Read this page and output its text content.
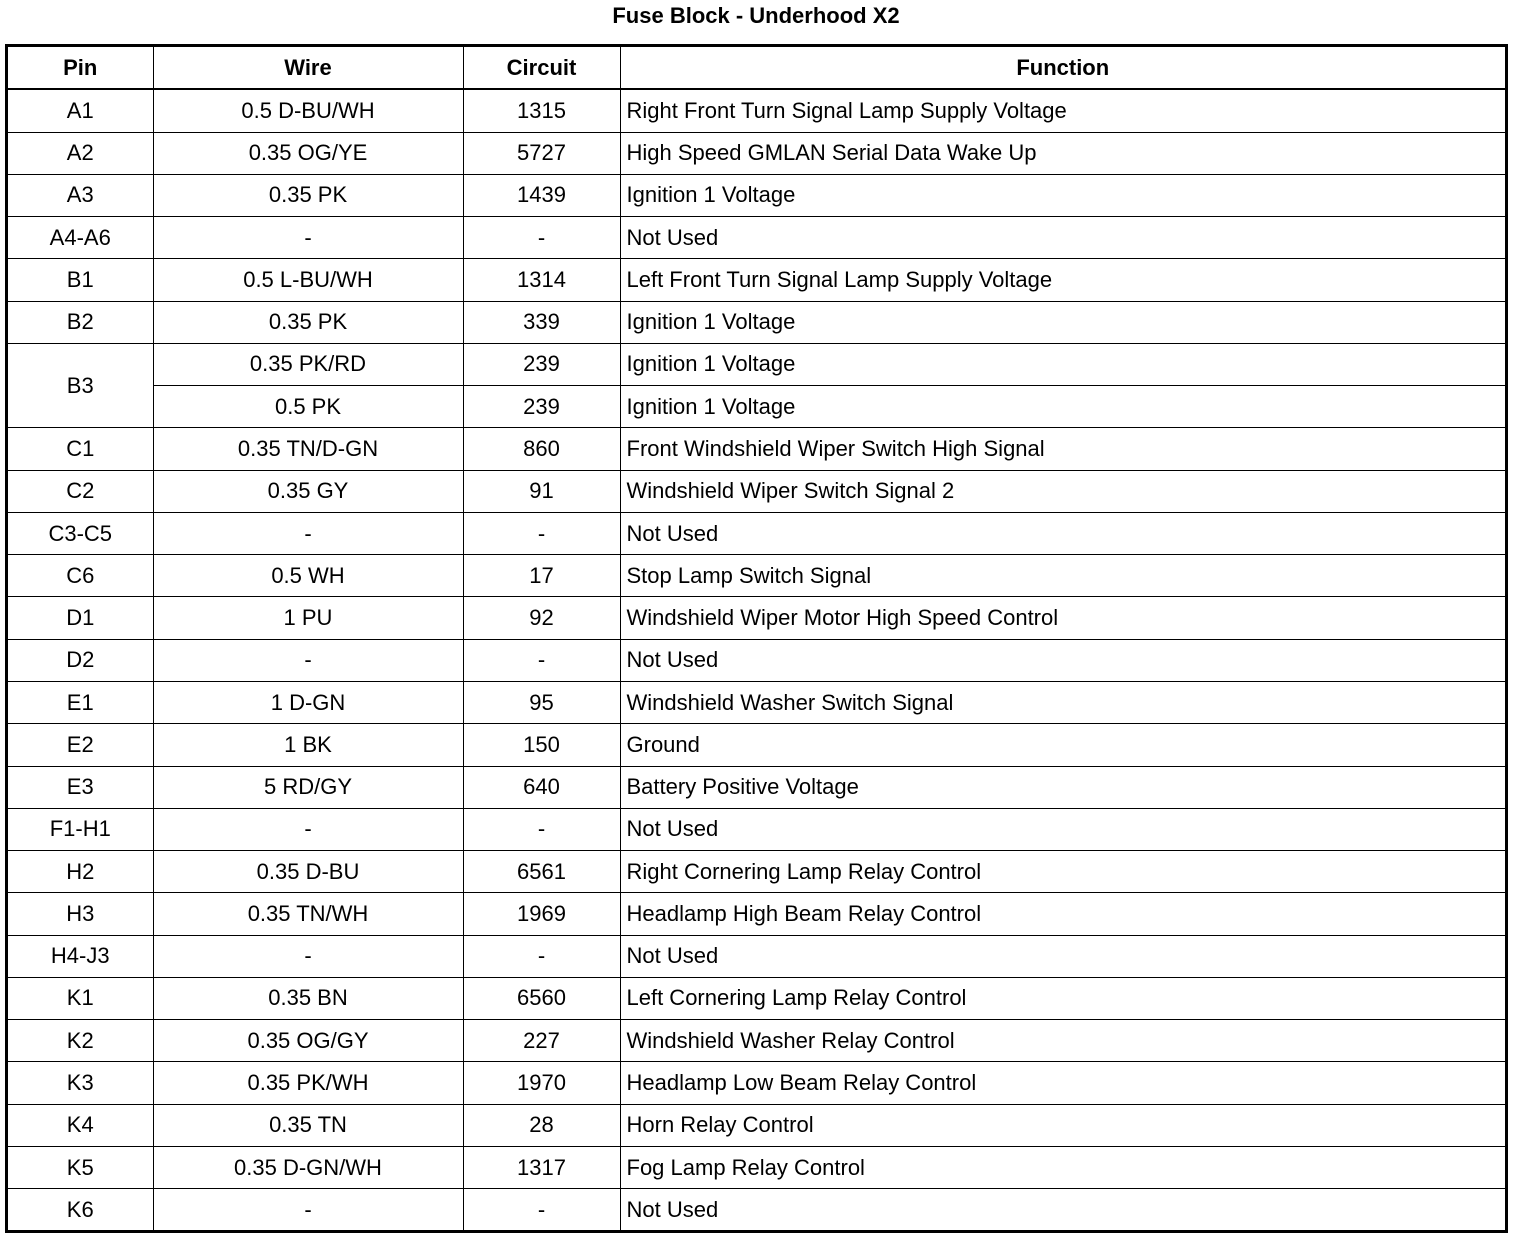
Fuse Block - Underhood X2
Pin	Wire	Circuit	Function
A1	0.5 D-BU/WH	1315	Right Front Turn Signal Lamp Supply Voltage
A2	0.35 OG/YE	5727	High Speed GMLAN Serial Data Wake Up
A3	0.35 PK	1439	Ignition 1 Voltage
A4-A6	-	-	Not Used
B1	0.5 L-BU/WH	1314	Left Front Turn Signal Lamp Supply Voltage
B2	0.35 PK	339	Ignition 1 Voltage
B3	0.35 PK/RD	239	Ignition 1 Voltage
	0.5 PK	239	Ignition 1 Voltage
C1	0.35 TN/D-GN	860	Front Windshield Wiper Switch High Signal
C2	0.35 GY	91	Windshield Wiper Switch Signal 2
C3-C5	-	-	Not Used
C6	0.5 WH	17	Stop Lamp Switch Signal
D1	1 PU	92	Windshield Wiper Motor High Speed Control
D2	-	-	Not Used
E1	1 D-GN	95	Windshield Washer Switch Signal
E2	1 BK	150	Ground
E3	5 RD/GY	640	Battery Positive Voltage
F1-H1	-	-	Not Used
H2	0.35 D-BU	6561	Right Cornering Lamp Relay Control
H3	0.35 TN/WH	1969	Headlamp High Beam Relay Control
H4-J3	-	-	Not Used
K1	0.35 BN	6560	Left Cornering Lamp Relay Control
K2	0.35 OG/GY	227	Windshield Washer Relay Control
K3	0.35 PK/WH	1970	Headlamp Low Beam Relay Control
K4	0.35 TN	28	Horn Relay Control
K5	0.35 D-GN/WH	1317	Fog Lamp Relay Control
K6	-	-	Not Used
